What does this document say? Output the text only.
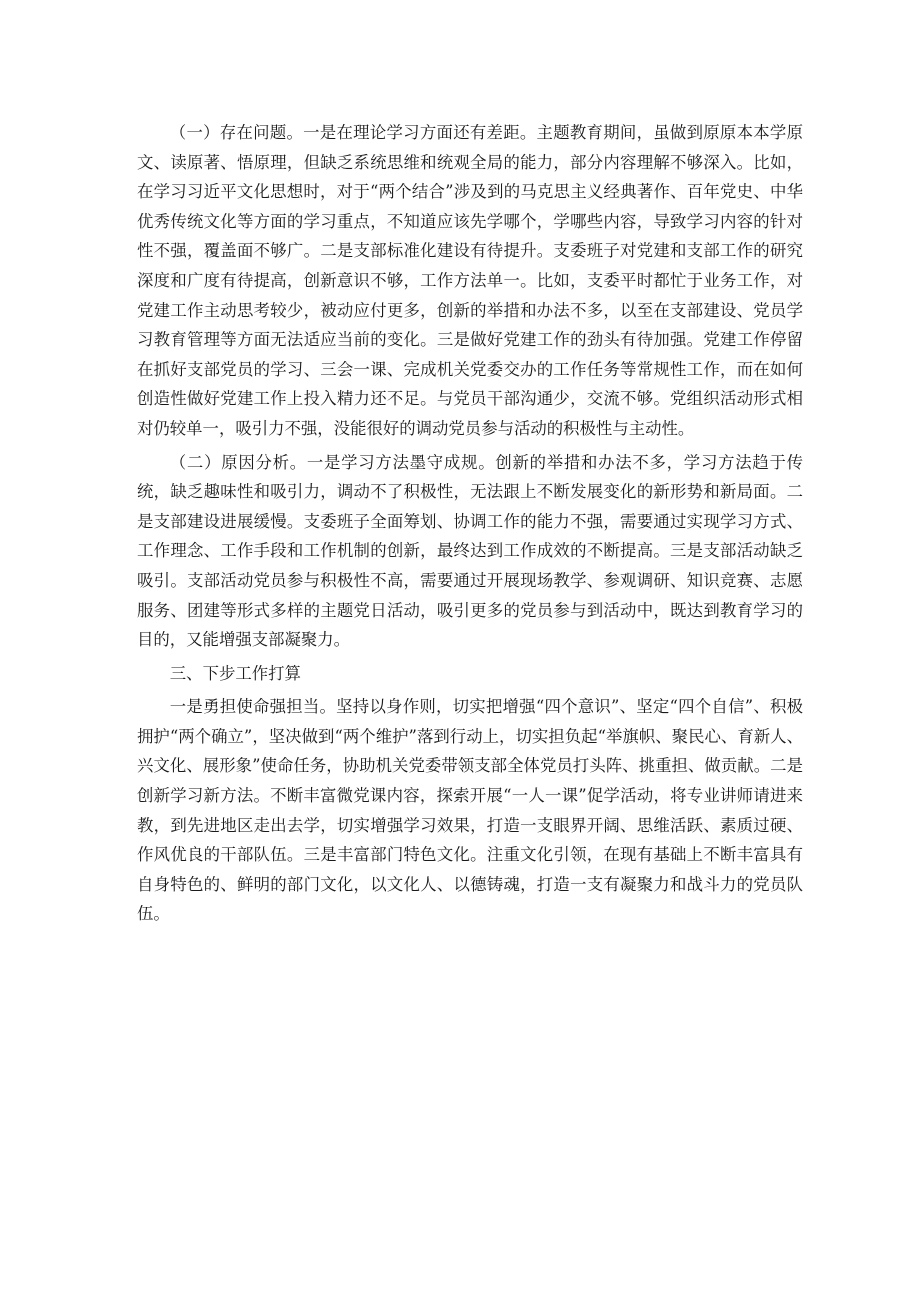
（一）存在问题。一是在理论学习方面还有差距。主题教育期间，虽做到原原本本学原文、读原著、悟原理，但缺乏系统思维和统观全局的能力，部分内容理解不够深入。比如，在学习习近平文化思想时，对于“两个结合”涉及到的马克思主义经典著作、百年党史、中华优秀传统文化等方面的学习重点，不知道应该先学哪个，学哪些内容，导致学习内容的针对性不强，覆盖面不够广。二是支部标准化建设有待提升。支委班子对党建和支部工作的研究深度和广度有待提高，创新意识不够，工作方法单一。比如，支委平时都忙于业务工作，对党建工作主动思考较少，被动应付更多，创新的举措和办法不多，以至在支部建设、党员学习教育管理等方面无法适应当前的变化。三是做好党建工作的劲头有待加强。党建工作停留在抓好支部党员的学习、三会一课、完成机关党委交办的工作任务等常规性工作，而在如何创造性做好党建工作上投入精力还不足。与党员干部沟通少，交流不够。党组织活动形式相对仍较单一，吸引力不强，没能很好的调动党员参与活动的积极性与主动性。

（二）原因分析。一是学习方法墨守成规。创新的举措和办法不多，学习方法趋于传统，缺乏趣味性和吸引力，调动不了积极性，无法跟上不断发展变化的新形势和新局面。二是支部建设进展缓慢。支委班子全面筹划、协调工作的能力不强，需要通过实现学习方式、工作理念、工作手段和工作机制的创新，最终达到工作成效的不断提高。三是支部活动缺乏吸引。支部活动党员参与积极性不高，需要通过开展现场教学、参观调研、知识竞赛、志愿服务、团建等形式多样的主题党日活动，吸引更多的党员参与到活动中，既达到教育学习的目的，又能增强支部凝聚力。

三、下步工作打算

一是勇担使命强担当。坚持以身作则，切实把增强“四个意识”、坚定“四个自信”、积极拥护“两个确立”，坚决做到“两个维护”落到行动上，切实担负起“举旗帜、聚民心、育新人、兴文化、展形象”使命任务，协助机关党委带领支部全体党员打头阵、挑重担、做贡献。二是创新学习新方法。不断丰富微党课内容，探索开展“一人一课”促学活动，将专业讲师请进来教，到先进地区走出去学，切实增强学习效果，打造一支眼界开阔、思维活跃、素质过硬、作风优良的干部队伍。三是丰富部门特色文化。注重文化引领，在现有基础上不断丰富具有自身特色的、鲜明的部门文化，以文化人、以德铸魂，打造一支有凝聚力和战斗力的党员队伍。
